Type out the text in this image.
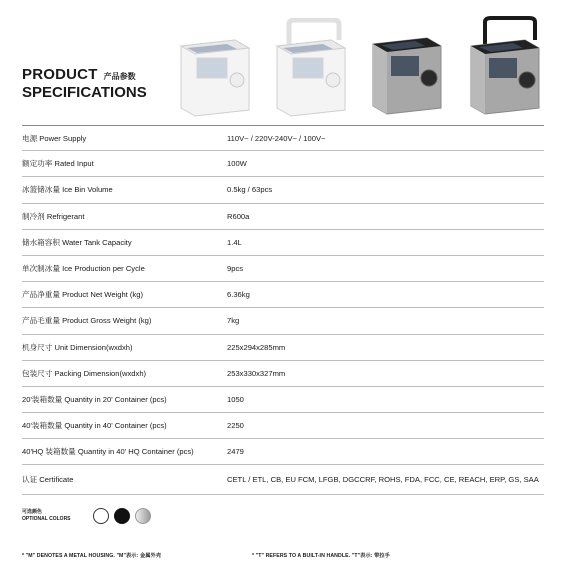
PRODUCT 产品参数
SPECIFICATIONS
电源 Power Supply	110V~ / 220V-240V~ / 100V~
额定功率 Rated Input	100W
冰篮储冰量 Ice Bin Volume	0.5kg / 63pcs
制冷剂 Refrigerant	R600a
储水箱容积 Water Tank Capacity	1.4L
单次制冰量 Ice Production per Cycle	9pcs
产品净重量 Product Net Weight (kg)	6.36kg
产品毛重量 Product Gross Weight (kg)	7kg
机身尺寸 Unit Dimension(wxdxh)	225x294x285mm
包装尺寸 Packing Dimension(wxdxh)	253x330x327mm
20'装箱数量 Quantity in 20' Container (pcs)	1050
40'装箱数量 Quantity in 40' Container (pcs)	2250
40'HQ 装箱数量 Quantity in 40' HQ Container (pcs)	2479
认证 Certificate	CETL / ETL, CB, EU FCM, LFGB, DGCCRF, ROHS, FDA, FCC, CE, REACH, ERP, GS, SAA
可选颜色
OPTIONAL COLORS
* "M" DENOTES A METAL HOUSING. "M"表示: 金属外壳	* "T" REFERS TO A BUILT-IN HANDLE. "T"表示: 带拉手
